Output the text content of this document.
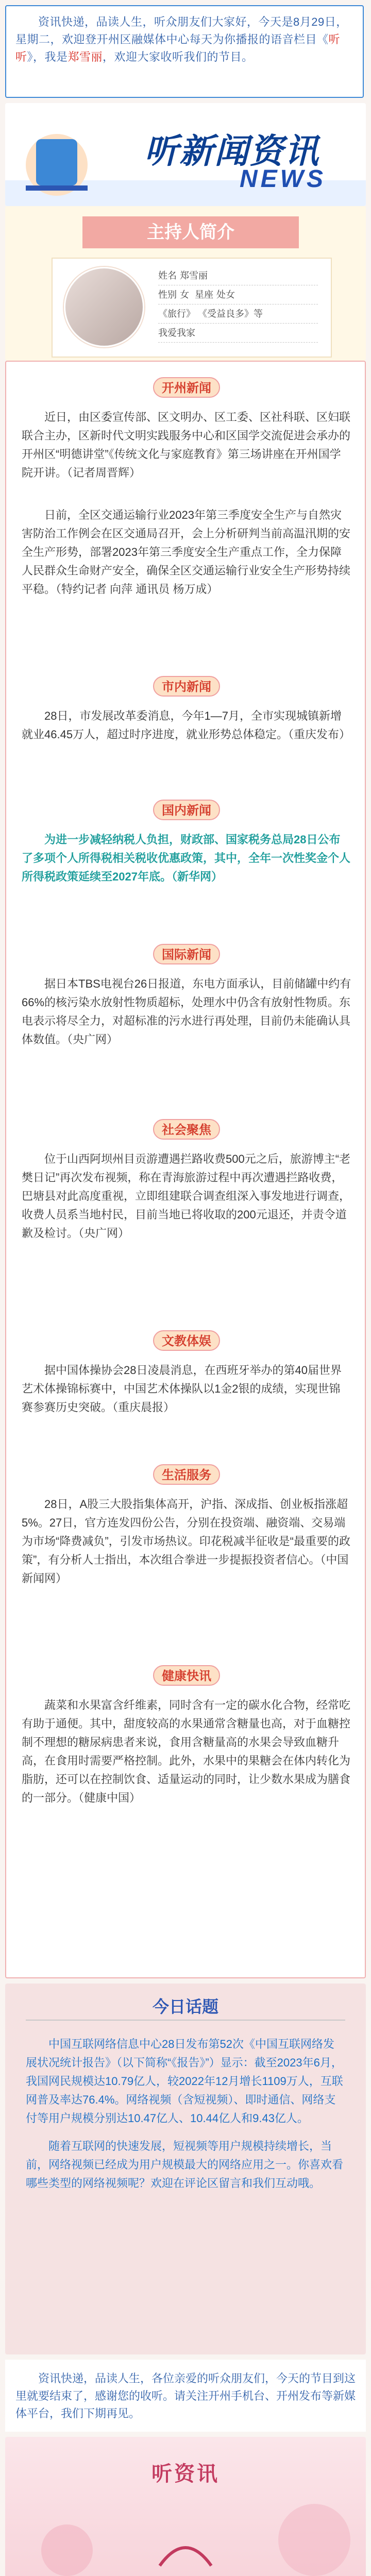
资讯快递，品读人生，听众朋友们大家好，今天是8月29日，星期二，欢迎登开州区融媒体中心每天为你播报的语音栏目《听听》，我是郑雪丽，欢迎大家收听我们的节目。

听新闻资讯
NEWS
主持人简介
姓名 郑雪丽
性别 女 星座 处女
《旅行》 《受益良多》等
我爱我家
开州新闻
近日，由区委宣传部、区文明办、区工委、区社科联、区妇联联合主办，区新时代文明实践服务中心和区国学交流促进会承办的开州区“明德讲堂”《传统文化与家庭教育》第三场讲座在开州国学院开讲。（记者周晋辉）
日前，全区交通运输行业2023年第三季度安全生产与自然灾害防治工作例会在区交通局召开，会上分析研判当前高温汛期的安全生产形势，部署2023年第三季度安全生产重点工作，全力保障人民群众生命财产安全，确保全区交通运输行业安全生产形势持续平稳。（特约记者 向萍 通讯员 杨万成）
市内新闻
28日，市发展改革委消息，今年1—7月，全市实现城镇新增就业46.45万人，超过时序进度，就业形势总体稳定。（重庆发布）
国内新闻
为进一步减轻纳税人负担，财政部、国家税务总局28日公布了多项个人所得税相关税收优惠政策，其中，全年一次性奖金个人所得税政策延续至2027年底。（新华网）
国际新闻
据日本TBS电视台26日报道，东电方面承认，目前储罐中约有66%的核污染水放射性物质超标，处理水中仍含有放射性物质。东电表示将尽全力，对超标准的污水进行再处理，目前仍未能确认具体数值。（央广网）
社会聚焦
位于山西阿坝州目贡游遭遇拦路收费500元之后，旅游博主“老樊日记”再次发布视频，称在青海旅游过程中再次遭遇拦路收费，巴塘县对此高度重视，立即组建联合调查组深入事发地进行调查，收费人员系当地村民，目前当地已将收取的200元退还，并责令道歉及检讨。（央广网）
文教体娱
据中国体操协会28日凌晨消息，在西班牙举办的第40届世界艺术体操锦标赛中，中国艺术体操队以1金2银的成绩，实现世锦赛参赛历史突破。（重庆晨报）
生活服务
28日，A股三大股指集体高开，沪指、深成指、创业板指涨超5%。27日，官方连发四份公告，分别在投资端、融资端、交易端为市场“降费减负”，引发市场热议。印花税减半征收是“最重要的政策”，有分析人士指出，本次组合拳进一步提振投资者信心。（中国新闻网）
健康快讯
蔬菜和水果富含纤维素，同时含有一定的碳水化合物，经常吃有助于通便。其中，甜度较高的水果通常含糖量也高，对于血糖控制不理想的糖尿病患者来说，食用含糖量高的水果会导致血糖升高，在食用时需要严格控制。此外，水果中的果糖会在体内转化为脂肪，还可以在控制饮食、适量运动的同时，让少数水果成为膳食的一部分。（健康中国）
今日话题

中国互联网络信息中心28日发布第52次《中国互联网络发展状况统计报告》（以下简称“《报告》”）显示：截至2023年6月，我国网民规模达10.79亿人，较2022年12月增长1109万人，互联网普及率达76.4%。网络视频（含短视频）、即时通信、网络支付等用户规模分别达10.47亿人、10.44亿人和9.43亿人。

随着互联网的快速发展，短视频等用户规模持续增长，当前，网络视频已经成为用户规模最大的网络应用之一。你喜欢看哪些类型的网络视频呢？欢迎在评论区留言和我们互动哦。

资讯快递，品读人生，各位亲爱的听众朋友们，今天的节目到这里就要结束了，感谢您的收听。请关注开州手机台、开州发布等新媒体平台，我们下期再见。
听资讯
